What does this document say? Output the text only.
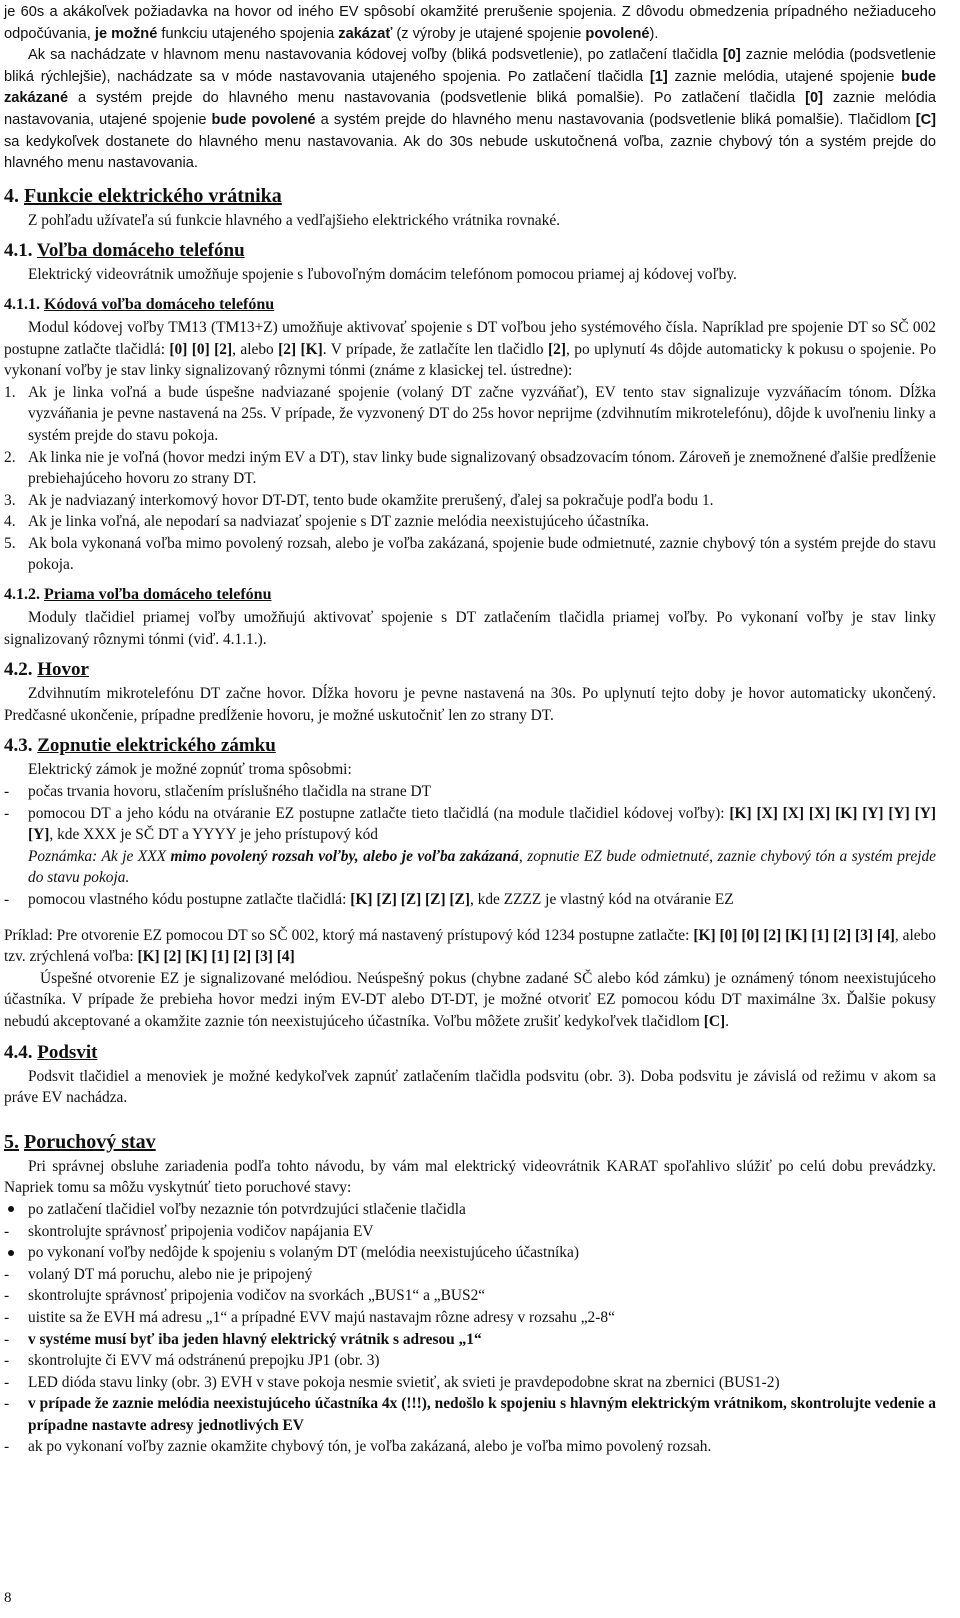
je 60s a akákoľvek požiadavka na hovor od iného EV spôsobí okamžité prerušenie spojenia. Z dôvodu obmedzenia prípadného nežiaduceho odpočúvania, je možné funkciu utajeného spojenia zakázať (z výroby je utajené spojenie povolené).

Ak sa nachádzate v hlavnom menu nastavovania kódovej voľby (bliká podsvetlenie), po zatlačení tlačidla [0] zaznie melódia (podsvetlenie bliká rýchlejšie), nachádzate sa v móde nastavovania utajeného spojenia. Po zatlačení tlačidla [1] zaznie melódia, utajené spojenie bude zakázané a systém prejde do hlavného menu nastavovania (podsvetlenie bliká pomalšie). Po zatlačení tlačidla [0] zaznie melódia nastavovania, utajené spojenie bude povolené a systém prejde do hlavného menu nastavovania (podsvetlenie bliká pomalšie). Tlačidlom [C] sa kedykoľvek dostanete do hlavného menu nastavovania. Ak do 30s nebude uskutočnená voľba, zaznie chybový tón a systém prejde do hlavného menu nastavovania.

4. Funkcie elektrického vrátnika

Z pohľadu užívateľa sú funkcie hlavného a vedľajšieho elektrického vrátnika rovnaké.

4.1. Voľba domáceho telefónu

Elektrický videovrátnik umožňuje spojenie s ľubovoľným domácim telefónom pomocou priamej aj kódovej voľby.

4.1.1. Kódová voľba domáceho telefónu

Modul kódovej voľby TM13 (TM13+Z) umožňuje aktivovať spojenie s DT voľbou jeho systémového čísla. Napríklad pre spojenie DT so SČ 002 postupne zatlačte tlačidlá: [0] [0] [2], alebo [2] [K]. V prípade, že zatlačíte len tlačidlo [2], po uplynutí 4s dôjde automaticky k pokusu o spojenie. Po vykonaní voľby je stav linky signalizovaný rôznymi tónmi (známe z klasickej tel. ústredne):

1. Ak je linka voľná a bude úspešne nadviazané spojenie (volaný DT začne vyzváňať), EV tento stav signalizuje vyzváňacím tónom. Dĺžka vyzváňania je pevne nastavená na 25s. V prípade, že vyzvonený DT do 25s hovor neprijme (zdvihnutím mikrotelefónu), dôjde k uvoľneniu linky a systém prejde do stavu pokoja.
2. Ak linka nie je voľná (hovor medzi iným EV a DT), stav linky bude signalizovaný obsadzovacím tónom. Zároveň je znemožnené ďalšie predĺženie prebiehajúceho hovoru zo strany DT.
3. Ak je nadviazaný interkomový hovor DT-DT, tento bude okamžite prerušený, ďalej sa pokračuje podľa bodu 1.
4. Ak je linka voľná, ale nepodarí sa nadviazať spojenie s DT zaznie melódia neexistujúceho účastníka.
5. Ak bola vykonaná voľba mimo povolený rozsah, alebo je voľba zakázaná, spojenie bude odmietnuté, zaznie chybový tón a systém prejde do stavu pokoja.
4.1.2. Priama voľba domáceho telefónu

Moduly tlačidiel priamej voľby umožňujú aktivovať spojenie s DT zatlačením tlačidla priamej voľby. Po vykonaní voľby je stav linky signalizovaný rôznymi tónmi (viď. 4.1.1.).

4.2. Hovor

Zdvihnutím mikrotelefónu DT začne hovor. Dĺžka hovoru je pevne nastavená na 30s. Po uplynutí tejto doby je hovor automaticky ukončený. Predčasné ukončenie, prípadne predĺženie hovoru, je možné uskutočniť len zo strany DT.

4.3. Zopnutie elektrického zámku

Elektrický zámok je možné zopnúť troma spôsobmi:

-	počas trvania hovoru, stlačením príslušného tlačidla na strane DT
-	pomocou DT a jeho kódu na otváranie EZ postupne zatlačte tieto tlačidlá (na module tlačidiel kódovej voľby): [K] [X] [X] [X] [K] [Y] [Y] [Y] [Y], kde XXX je SČ DT a YYYY je jeho prístupový kód
Poznámka: Ak je XXX mimo povolený rozsah voľby, alebo je voľba zakázaná, zopnutie EZ bude odmietnuté, zaznie chybový tón a systém prejde do stavu pokoja.
-	pomocou vlastného kódu postupne zatlačte tlačidlá: [K] [Z] [Z] [Z] [Z], kde ZZZZ je vlastný kód na otváranie EZ

Príklad: Pre otvorenie EZ pomocou DT so SČ 002, ktorý má nastavený prístupový kód 1234 postupne zatlačte: [K] [0] [0] [2] [K] [1] [2] [3] [4], alebo tzv. zrýchlená voľba: [K] [2] [K] [1] [2] [3] [4]

Úspešné otvorenie EZ je signalizované melódiou. Neúspešný pokus (chybne zadané SČ alebo kód zámku) je oznámený tónom neexistujúceho účastníka. V prípade že prebieha hovor medzi iným EV-DT alebo DT-DT, je možné otvoriť EZ pomocou kódu DT maximálne 3x. Ďalšie pokusy nebudú akceptované a okamžite zaznie tón neexistujúceho účastníka. Voľbu môžete zrušiť kedykoľvek tlačidlom [C].

4.4. Podsvit

Podsvit tlačidiel a menoviek je možné kedykoľvek zapnúť zatlačením tlačidla podsvitu (obr. 3). Doba podsvitu je závislá od režimu v akom sa práve EV nachádza.

5. Poruchový stav

Pri správnej obsluhe zariadenia podľa tohto návodu, by vám mal elektrický videovrátnik KARAT spoľahlivo slúžiť po celú dobu prevádzky. Napriek tomu sa môžu vyskytnúť tieto poruchové stavy:

po zatlačení tlačidiel voľby nezaznie tón potvrdzujúci stlačenie tlačidla
-	skontrolujte správnosť pripojenia vodičov napájania EV
po vykonaní voľby nedôjde k spojeniu s volaným DT (melódia neexistujúceho účastníka)
-	volaný DT má poruchu, alebo nie je pripojený
-	skontrolujte správnosť pripojenia vodičov na svorkách „BUS1“ a „BUS2“
-	uistite sa že EVH má adresu „1“ a prípadné EVV majú nastavajm rôzne adresy v rozsahu „2-8“
-	v systéme musí byť iba jeden hlavný elektrický vrátnik s adresou „1“
-	skontrolujte či EVV má odstránenú prepojku JP1 (obr. 3)
-	LED dióda stavu linky (obr. 3) EVH v stave pokoja nesmie svietiť, ak svieti je pravdepodobne skrat na zbernici (BUS1-2)
-	v prípade že zaznie melódia neexistujúceho účastníka 4x (!!!), nedošlo k spojeniu s hlavným elektrickým vrátnikom, skontrolujte vedenie a prípadne nastavte adresy jednotlivých EV
-	ak po vykonaní voľby zaznie okamžite chybový tón, je voľba zakázaná, alebo je voľba mimo povolený rozsah.
8
